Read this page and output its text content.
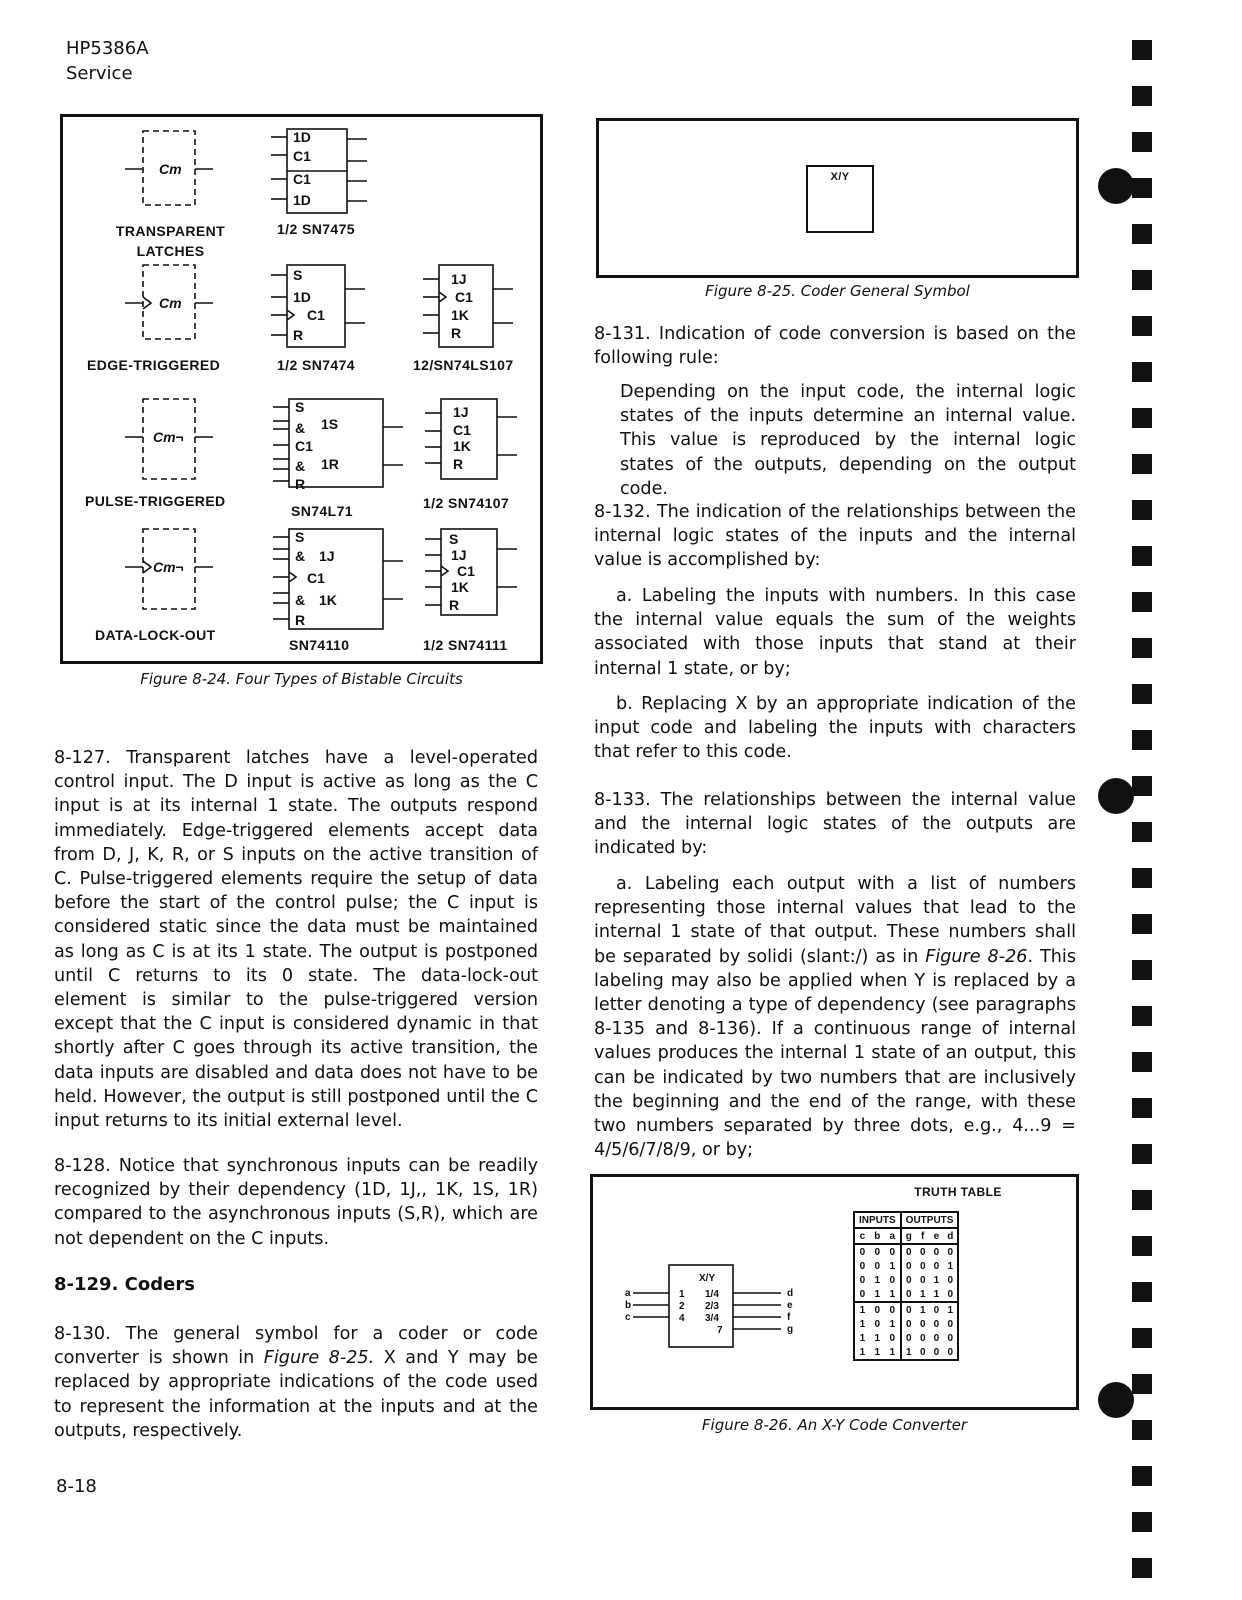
HP5386A
Service
Cm
Cm
Cm¬
Cm¬
1D
C1
C1
1D
S
1D
C1
R
1J
C1
1K
R
S
& 1S
C1
& 1R
R
1J
C1
1K
R
S
& 1J
C1
& 1K
R
S
1J
C1
1K
R
TRANSPARENT LATCHES
1/2 SN7475
EDGE-TRIGGERED	1/2 SN7474	12/SN74LS107
PULSE-TRIGGERED
SN74L71	1/2 SN74107
DATA-LOCK-OUT
SN74110	1/2 SN74111
Figure 8-24. Four Types of Bistable Circuits

8-127. Transparent latches have a level-operated control input. The D input is active as long as the C input is at its internal 1 state. The outputs respond immediately. Edge-triggered elements accept data from D, J, K, R, or S inputs on the active transition of C. Pulse-triggered elements require the setup of data before the start of the control pulse; the C input is considered static since the data must be maintained as long as C is at its 1 state. The output is postponed until C returns to its 0 state. The data-lock-out element is similar to the pulse-triggered version except that the C input is considered dynamic in that shortly after C goes through its active transition, the data inputs are disabled and data does not have to be held. However, the output is still postponed until the C input returns to its initial external level.

8-128. Notice that synchronous inputs can be readily recognized by their dependency (1D, 1J,, 1K, 1S, 1R) compared to the asynchronous inputs (S,R), which are not dependent on the C inputs.

8-129. Coders

8-130. The general symbol for a coder or code converter is shown in Figure 8-25. X and Y may be replaced by appropriate indications of the code used to represent the information at the inputs and at the outputs, respectively.

X/Y
Figure 8-25. Coder General Symbol

8-131. Indication of code conversion is based on the following rule:

Depending on the input code, the internal logic states of the inputs determine an internal value. This value is reproduced by the internal logic states of the outputs, depending on the output code.

8-132. The indication of the relationships between the internal logic states of the inputs and the internal value is accomplished by:

a. Labeling the inputs with numbers. In this case the internal value equals the sum of the weights associated with those inputs that stand at their internal 1 state, or by;

b. Replacing X by an appropriate indication of the input code and labeling the inputs with characters that refer to this code.

8-133. The relationships between the internal value and the internal logic states of the outputs are indicated by:

a. Labeling each output with a list of numbers representing those internal values that lead to the internal 1 state of that output. These numbers shall be separated by solidi (slant:/) as in Figure 8-26. This labeling may also be applied when Y is replaced by a letter denoting a type of dependency (see paragraphs 8-135 and 8-136). If a continuous range of internal values produces the internal 1 state of an output, this can be indicated by two numbers that are inclusively the beginning and the end of the range, with these two numbers separated by three dots, e.g., 4...9 = 4/5/6/7/8/9, or by;

TRUTH TABLE
X/Y
a
b
c
1
2
4
1/4
2/3
3/4
7
d
e
f
g
INPUTS			OUTPUTS			
c	b	a	g	f	e	d
0	0	0	0	0	0	0
0	0	1	0	0	0	1
0	1	0	0	0	1	0
0	1	1	0	1	1	0
1	0	0	0	1	0	1
1	0	1	0	0	0	0
1	1	0	0	0	0	0
1	1	1	1	0	0	0
Figure 8-26. An X-Y Code Converter
8-18
